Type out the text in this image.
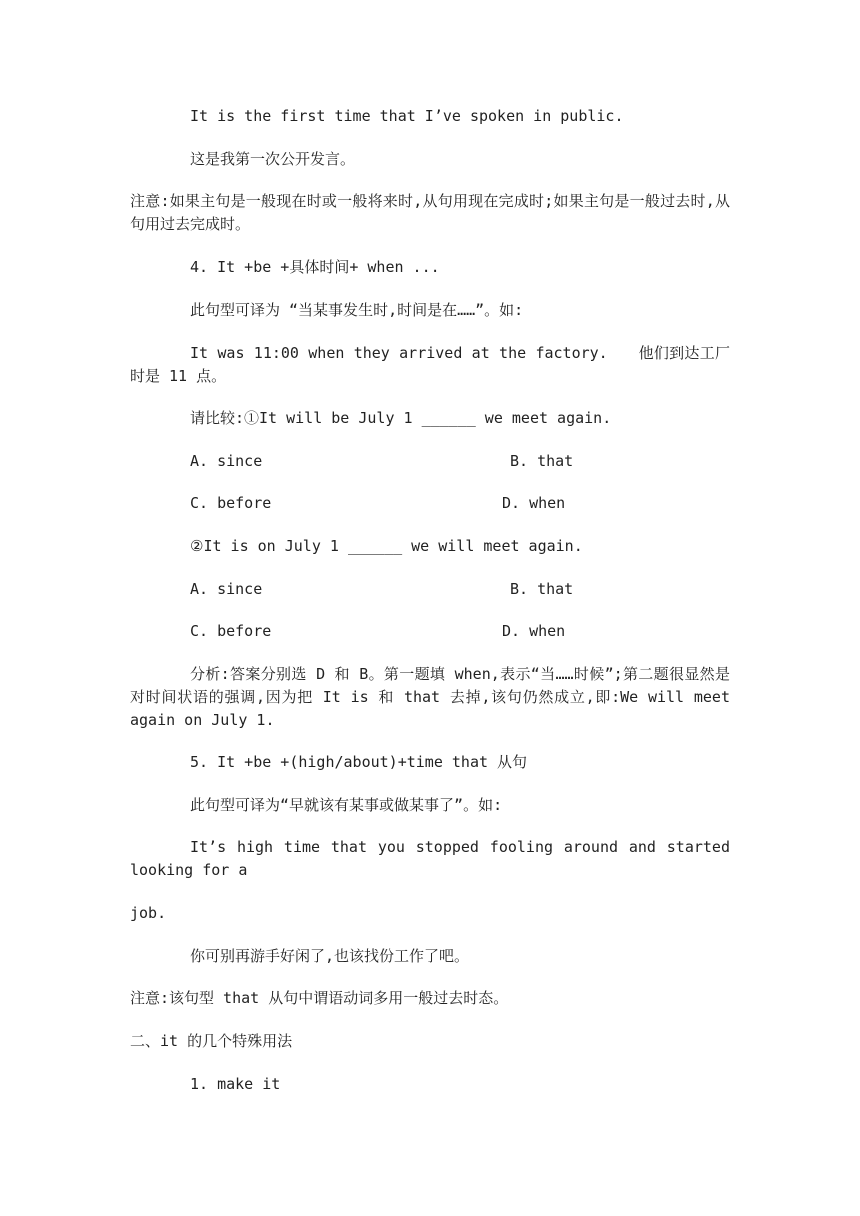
It is the first time that I’ve spoken in public.
这是我第一次公开发言。
注意:如果主句是一般现在时或一般将来时,从句用现在完成时;如果主句是一般过去时,从句用过去完成时。
4. It +be +具体时间+ when ...
此句型可译为 “当某事发生时,时间是在……”。如:
It was 11:00 when they arrived at the factory.　　他们到达工厂时是 11 点。
请比较:①It will be July 1 ______ we meet again.
A. since	B. that
C. before	D. when
②It is on July 1 ______ we will meet again.
A. since	B. that
C. before	D. when
分析:答案分别选 D 和 B。第一题填 when,表示“当……时候”;第二题很显然是对时间状语的强调,因为把 It is 和 that 去掉,该句仍然成立,即:We will meet again on July 1.
5. It +be +(high/about)+time that 从句
此句型可译为“早就该有某事或做某事了”。如:
It’s high time that you stopped fooling around and started looking for a
job.
你可别再游手好闲了,也该找份工作了吧。
注意:该句型 that 从句中谓语动词多用一般过去时态。
二、it 的几个特殊用法
1. make it
